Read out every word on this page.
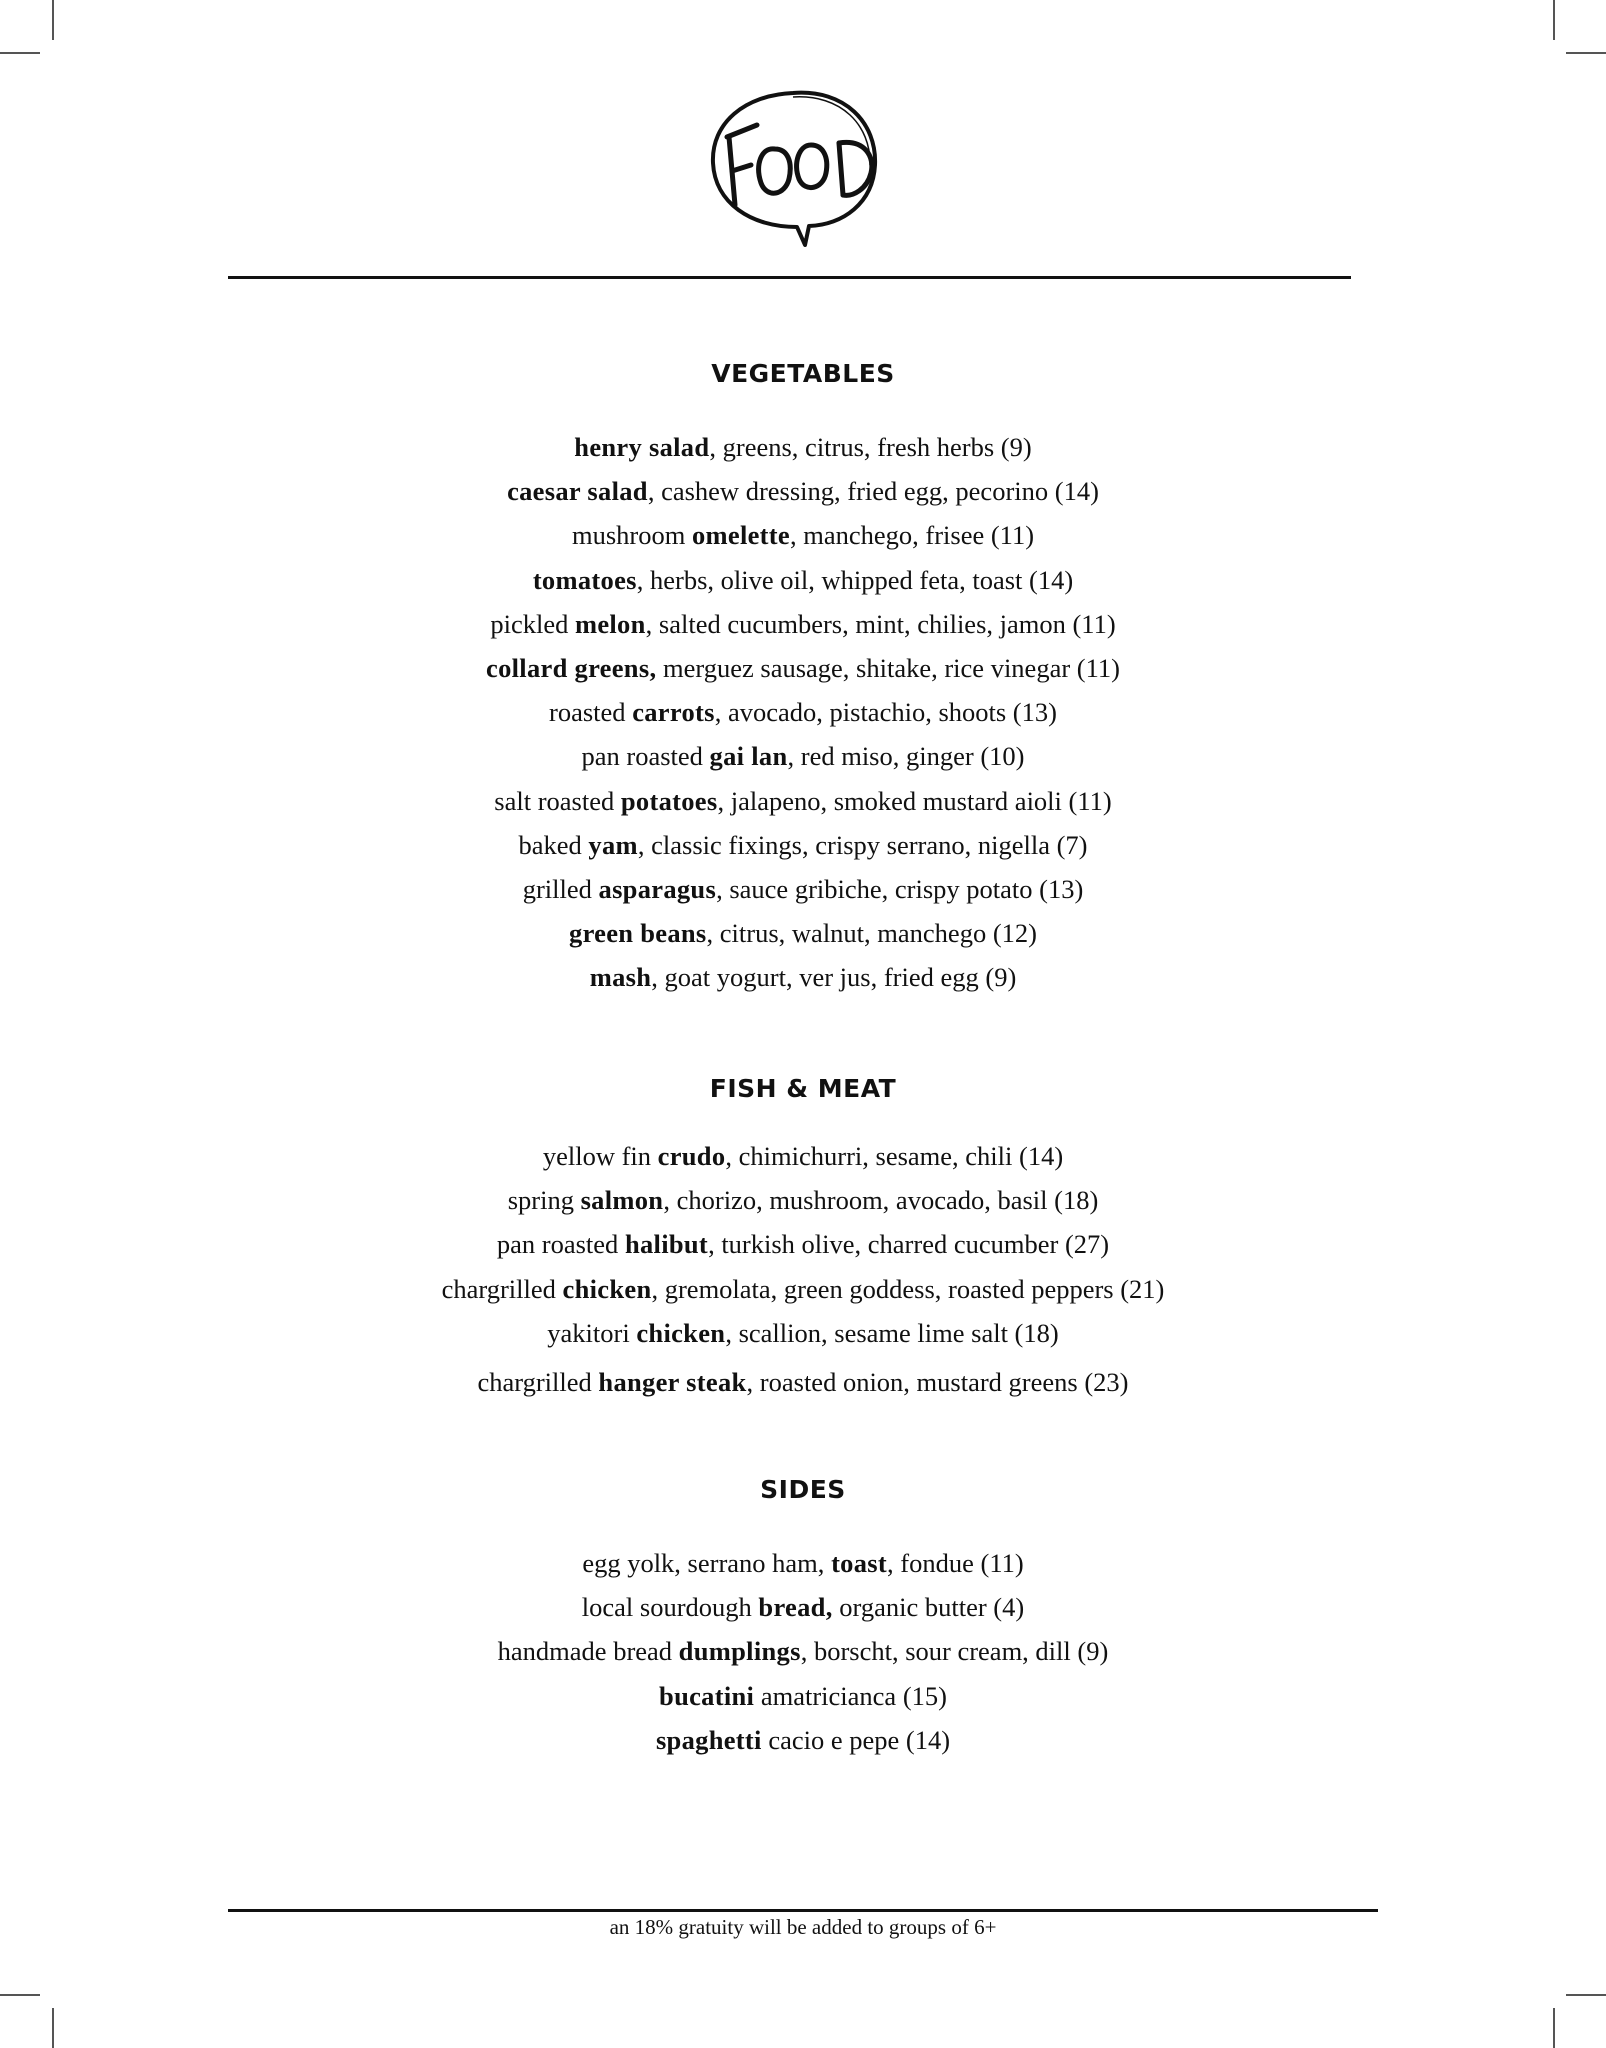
VEGETABLES
henry salad, greens, citrus, fresh herbs (9)
caesar salad, cashew dressing, fried egg, pecorino (14)
mushroom omelette, manchego, frisee (11)
tomatoes, herbs, olive oil, whipped feta, toast (14)
pickled melon, salted cucumbers, mint, chilies, jamon (11)
collard greens, merguez sausage, shitake, rice vinegar (11)
roasted carrots, avocado, pistachio, shoots (13)
pan roasted gai lan, red miso, ginger (10)
salt roasted potatoes, jalapeno, smoked mustard aioli (11)
baked yam, classic fixings, crispy serrano, nigella (7)
grilled asparagus, sauce gribiche, crispy potato (13)
green beans, citrus, walnut, manchego (12)
mash, goat yogurt, ver jus, fried egg (9)
FISH & MEAT
yellow fin crudo, chimichurri, sesame, chili (14)
spring salmon, chorizo, mushroom, avocado, basil (18)
pan roasted halibut, turkish olive, charred cucumber (27)
chargrilled chicken, gremolata, green goddess, roasted peppers (21)
yakitori chicken, scallion, sesame lime salt (18)
chargrilled hanger steak, roasted onion, mustard greens (23)
SIDES
egg yolk, serrano ham, toast, fondue (11)
local sourdough bread, organic butter (4)
handmade bread dumplings, borscht, sour cream, dill (9)
bucatini amatricianca (15)
spaghetti cacio e pepe (14)
an 18% gratuity will be added to groups of 6+
